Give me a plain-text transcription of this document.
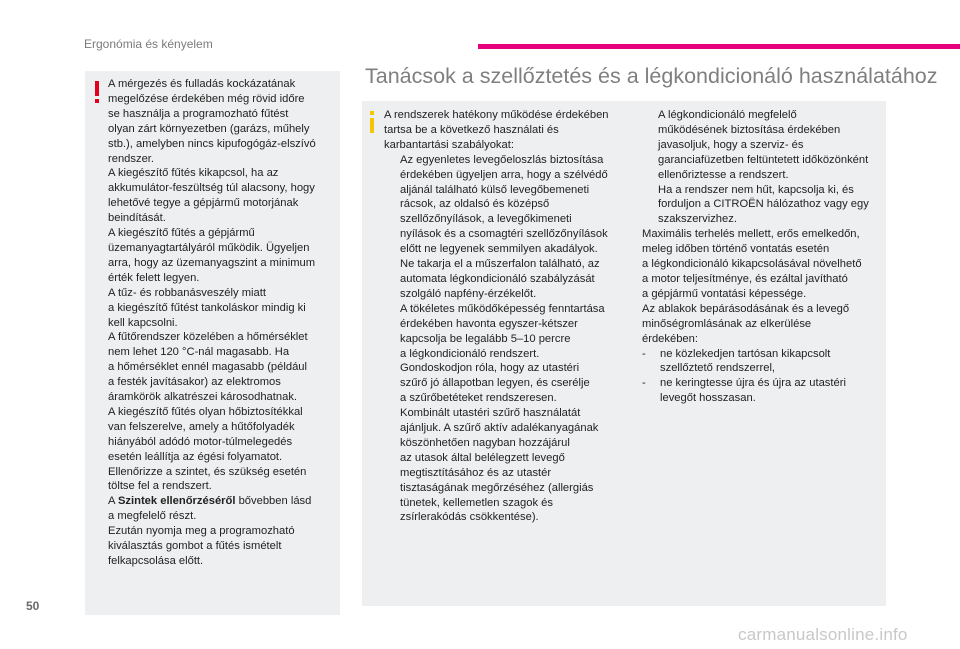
Ergonómia és kényelem
Tanácsok a szellőztetés és a légkondicionáló használatához

A mérgezés és fulladás kockázatának

megelőzése érdekében még rövid időre

se használja a programozható fűtést

olyan zárt környezetben (garázs, műhely

stb.), amelyben nincs kipufogógáz-elszívó

rendszer.

A kiegészítő fűtés kikapcsol, ha az

akkumulátor-feszültség túl alacsony, hogy

lehetővé tegye a gépjármű motorjának

beindítását.

A kiegészítő fűtés a gépjármű

üzemanyagtartályáról működik. Ügyeljen

arra, hogy az üzemanyagszint a minimum

érték felett legyen.

A tűz- és robbanásveszély miatt

a kiegészítő fűtést tankoláskor mindig ki

kell kapcsolni.

A fűtőrendszer közelében a hőmérséklet

nem lehet 120 °C-nál magasabb. Ha

a hőmérséklet ennél magasabb (például

a festék javításakor) az elektromos

áramkörök alkatrészei károsodhatnak.

A kiegészítő fűtés olyan hőbiztosítékkal

van felszerelve, amely a hűtőfolyadék

hiányából adódó motor-túlmelegedés

esetén leállítja az égési folyamatot.

Ellenőrizze a szintet, és szükség esetén

töltse fel a rendszert.

A Szintek ellenőrzéséről bővebben lásd

a megfelelő részt.

Ezután nyomja meg a programozható

kiválasztás gombot a fűtés ismételt

felkapcsolása előtt.

A rendszerek hatékony működése érdekében

tartsa be a következő használati és

karbantartási szabályokat:

Az egyenletes levegőeloszlás biztosítása

érdekében ügyeljen arra, hogy a szélvédő

aljánál található külső levegőbemeneti

rácsok, az oldalsó és középső

szellőzőnyílások, a levegőkimeneti

nyílások és a csomagtéri szellőzőnyílások

előtt ne legyenek semmilyen akadályok.

Ne takarja el a műszerfalon található, az

automata légkondicionáló szabályzását

szolgáló napfény-érzékelőt.

A tökéletes működőképesség fenntartása

érdekében havonta egyszer-kétszer

kapcsolja be legalább 5–10 percre

a légkondicionáló rendszert.

Gondoskodjon róla, hogy az utastéri

szűrő jó állapotban legyen, és cserélje

a szűrőbetéteket rendszeresen.

Kombinált utastéri szűrő használatát

ajánljuk. A szűrő aktív adalékanyagának

köszönhetően nagyban hozzájárul

az utasok által belélegzett levegő

megtisztításához és az utastér

tisztaságának megőrzéséhez (allergiás

tünetek, kellemetlen szagok és

zsírlerakódás csökkentése).

A légkondicionáló megfelelő

működésének biztosítása érdekében

javasoljuk, hogy a szerviz- és

garanciafüzetben feltüntetett időközönként

ellenőriztesse a rendszert.

Ha a rendszer nem hűt, kapcsolja ki, és

forduljon a CITROËN hálózathoz vagy egy

szakszervizhez.

Maximális terhelés mellett, erős emelkedőn,

meleg időben történő vontatás esetén

a légkondicionáló kikapcsolásával növelhető

a motor teljesítménye, és ezáltal javítható

a gépjármű vontatási képessége.

Az ablakok bepárásodásának és a levegő

minőségromlásának az elkerülése

érdekében:

- ne közlekedjen tartósan kikapcsolt

szellőztető rendszerrel,

- ne keringtesse újra és újra az utastéri

levegőt hosszasan.

50
carmanualsonline.info
